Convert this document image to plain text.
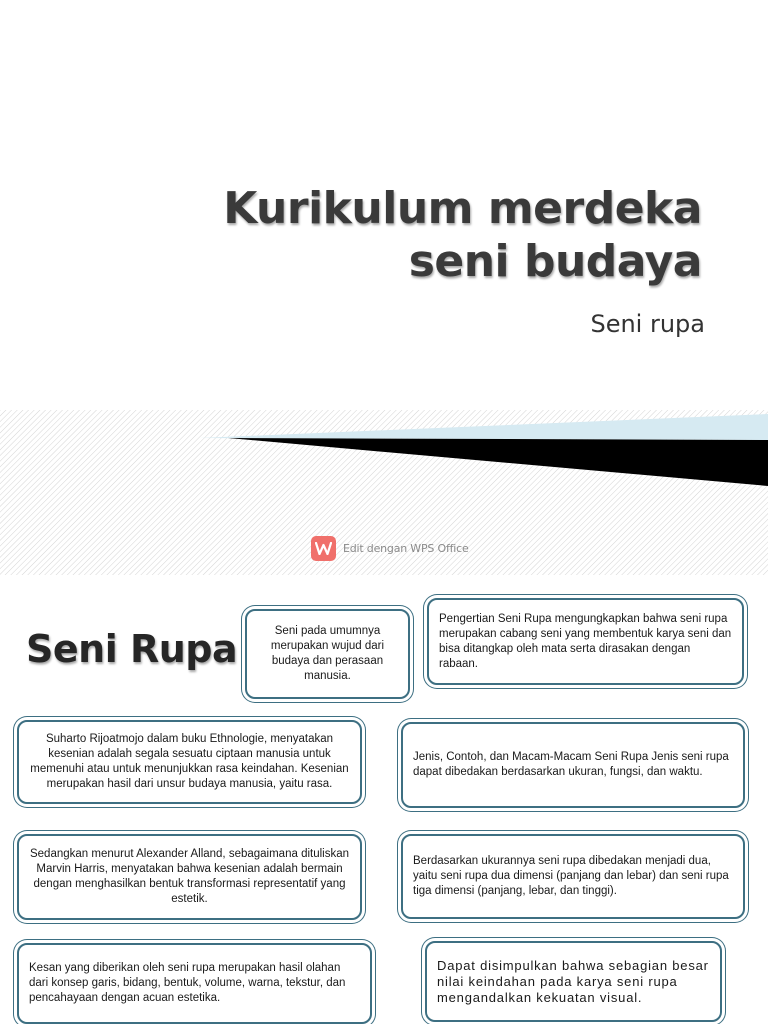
Kurikulum merdeka
seni budaya
Seni rupa
Edit dengan WPS Office
Seni Rupa	Seni pada umumnya merupakan wujud dari budaya dan perasaan manusia.
Pengertian Seni Rupa mengungkapkan bahwa seni rupa merupakan cabang seni yang membentuk karya seni dan bisa ditangkap oleh mata serta dirasakan dengan rabaan.
Suharto Rijoatmojo dalam buku Ethnologie, menyatakan kesenian adalah segala sesuatu ciptaan manusia untuk memenuhi atau untuk menunjukkan rasa keindahan. Kesenian merupakan hasil dari unsur budaya manusia, yaitu rasa.
Jenis, Contoh, dan Macam-Macam Seni Rupa Jenis seni rupa dapat dibedakan berdasarkan ukuran, fungsi, dan waktu.
Sedangkan menurut Alexander Alland, sebagaimana dituliskan Marvin Harris, menyatakan bahwa kesenian adalah bermain dengan menghasilkan bentuk transformasi representatif yang estetik.
Berdasarkan ukurannya seni rupa dibedakan menjadi dua, yaitu seni rupa dua dimensi (panjang dan lebar) dan seni rupa tiga dimensi (panjang, lebar, dan tinggi).
Kesan yang diberikan oleh seni rupa merupakan hasil olahan dari konsep garis, bidang, bentuk, volume, warna, tekstur, dan pencahayaan dengan acuan estetika.
Dapat disimpulkan bahwa sebagian besar nilai keindahan pada karya seni rupa mengandalkan kekuatan visual.
